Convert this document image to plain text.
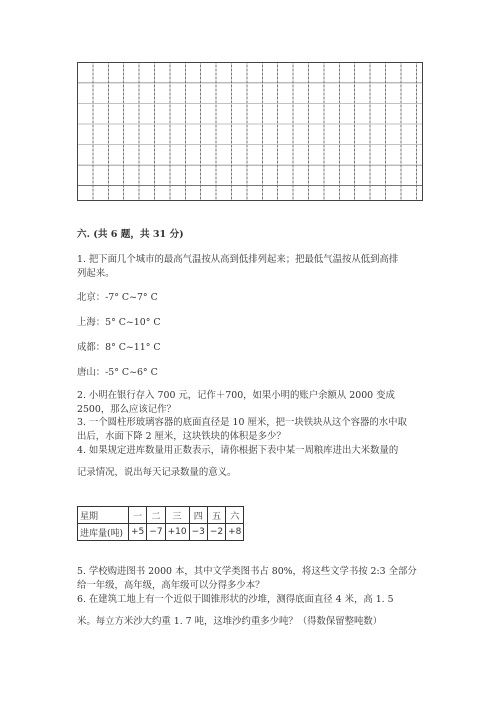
六. (共 6 题，共 31 分)
1. 把下面几个城市的最高气温按从高到低排列起来；把最低气温按从低到高排
列起来。
北京：-7° C~7° C
上海：5° C~10° C
成都：8° C~11° C
唐山：-5° C~6° C
2. 小明在银行存入 700 元，记作＋700，如果小明的账户余额从 2000 变成
2500，那么应该记作？
3. 一个圆柱形玻璃容器的底面直径是 10 厘米，把一块铁块从这个容器的水中取
出后，水面下降 2 厘米，这块铁块的体积是多少？
4. 如果规定进库数量用正数表示，请你根据下表中某一周粮库进出大米数量的
记录情况，说出每天记录数量的意义。
星期	一	二	三	四	五	六
进库量(吨)	+5	−7	+10	−3	−2	+8
5. 学校购进图书 2000 本，其中文学类图书占 80%，将这些文学书按 2:3 全部分
给一年级，高年级，高年级可以分得多少本？
6. 在建筑工地上有一个近似于圆锥形状的沙堆，测得底面直径 4 米，高 1. 5
米。每立方米沙大约重 1. 7 吨，这堆沙约重多少吨？（得数保留整吨数）
